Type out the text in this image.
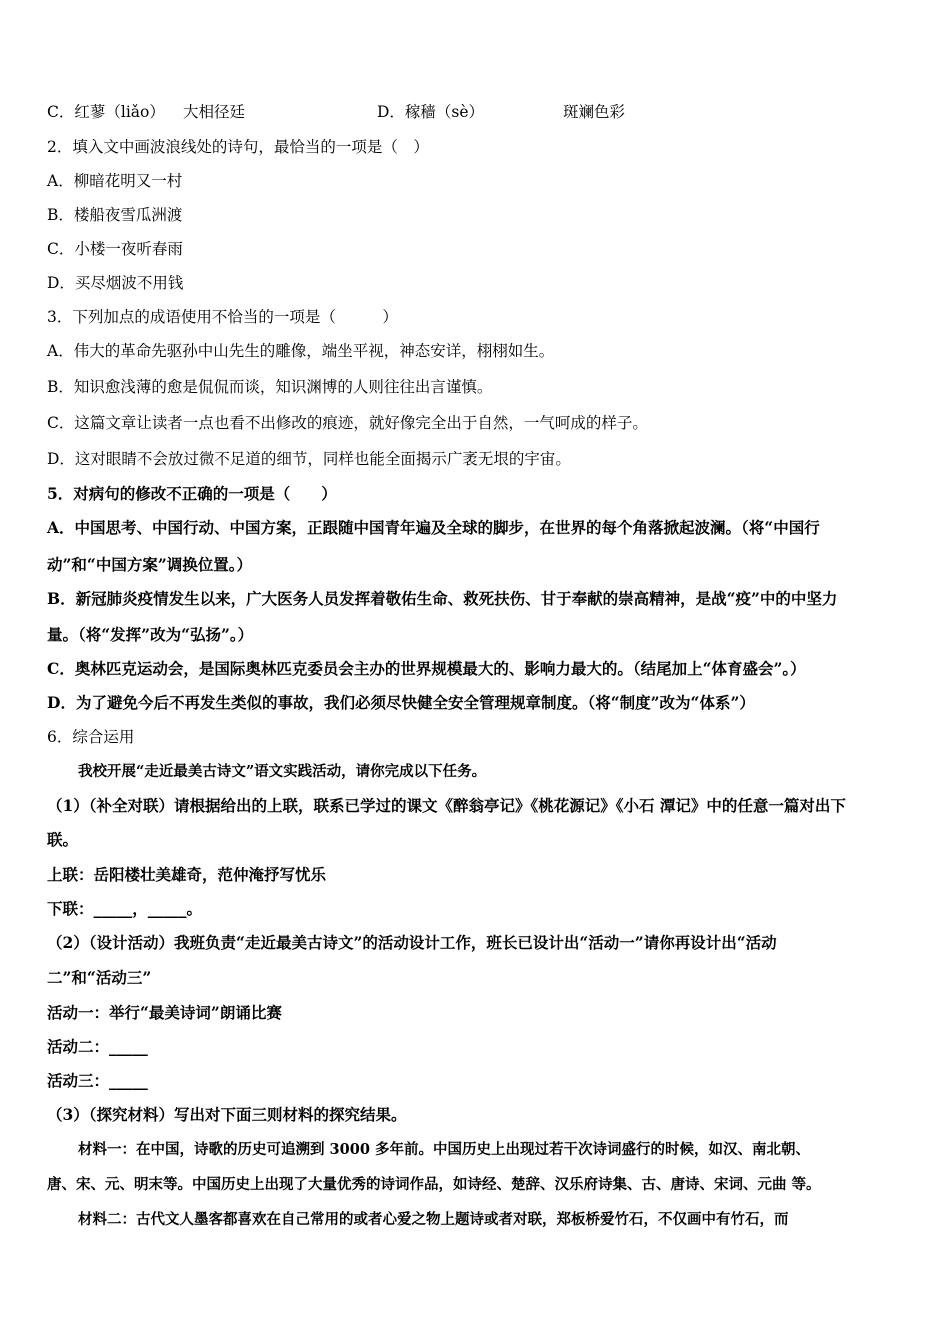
C．红蓼（liǎo） 大相径廷	D．稼穑（sè）	斑斓色彩
2．填入文中画波浪线处的诗句，最恰当的一项是（　）
A．柳暗花明又一村
B．楼船夜雪瓜洲渡
C．小楼一夜听春雨
D．买尽烟波不用钱
3．下列加点的成语使用不恰当的一项是（　　　）
A．伟大的革命先驱孙中山先生的雕像，端坐平视，神态安详，栩栩如生。
B．知识愈浅薄的愈是侃侃而谈，知识渊博的人则往往出言谨慎。
C．这篇文章让读者一点也看不出修改的痕迹，就好像完全出于自然，一气呵成的样子。
D．这对眼睛不会放过微不足道的细节，同样也能全面揭示广袤无垠的宇宙。
5．对病句的修改不正确的一项是（　　）
A．中国思考、中国行动、中国方案，正跟随中国青年遍及全球的脚步，在世界的每个角落掀起波澜。（将“中国行
动”和“中国方案”调换位置。）
B．新冠肺炎疫情发生以来，广大医务人员发挥着敬佑生命、救死扶伤、甘于奉献的崇高精神，是战“疫”中的中坚力
量。（将“发挥”改为“弘扬”。）
C．奥林匹克运动会，是国际奥林匹克委员会主办的世界规模最大的、影响力最大的。（结尾加上“体育盛会”。）
D．为了避免今后不再发生类似的事故，我们必须尽快健全安全管理规章制度。（将“制度”改为“体系”）
6．综合运用
我校开展“走近最美古诗文”语文实践活动，请你完成以下任务。
（1）（补全对联）请根据给出的上联，联系已学过的课文《醉翁亭记》《桃花源记》《小石 潭记》中的任意一篇对出下
联。
上联：岳阳楼壮美雄奇，范仲淹抒写忧乐
下联：_____，_____。
（2）（设计活动）我班负责“走近最美古诗文”的活动设计工作，班长已设计出“活动一”请你再设计出“活动
二”和“活动三”
活动一：举行“最美诗词”朗诵比赛
活动二：_____
活动三：_____
（3）（探究材料）写出对下面三则材料的探究结果。
材料一：在中国，诗歌的历史可追溯到 3000 多年前。中国历史上出现过若干次诗词盛行的时候，如汉、南北朝、
唐、宋、元、明末等。中国历史上出现了大量优秀的诗词作品，如诗经、楚辞、汉乐府诗集、古、唐诗、宋词、元曲 等。
材料二：古代文人墨客都喜欢在自己常用的或者心爱之物上题诗或者对联，郑板桥爱竹石，不仅画中有竹石，而
